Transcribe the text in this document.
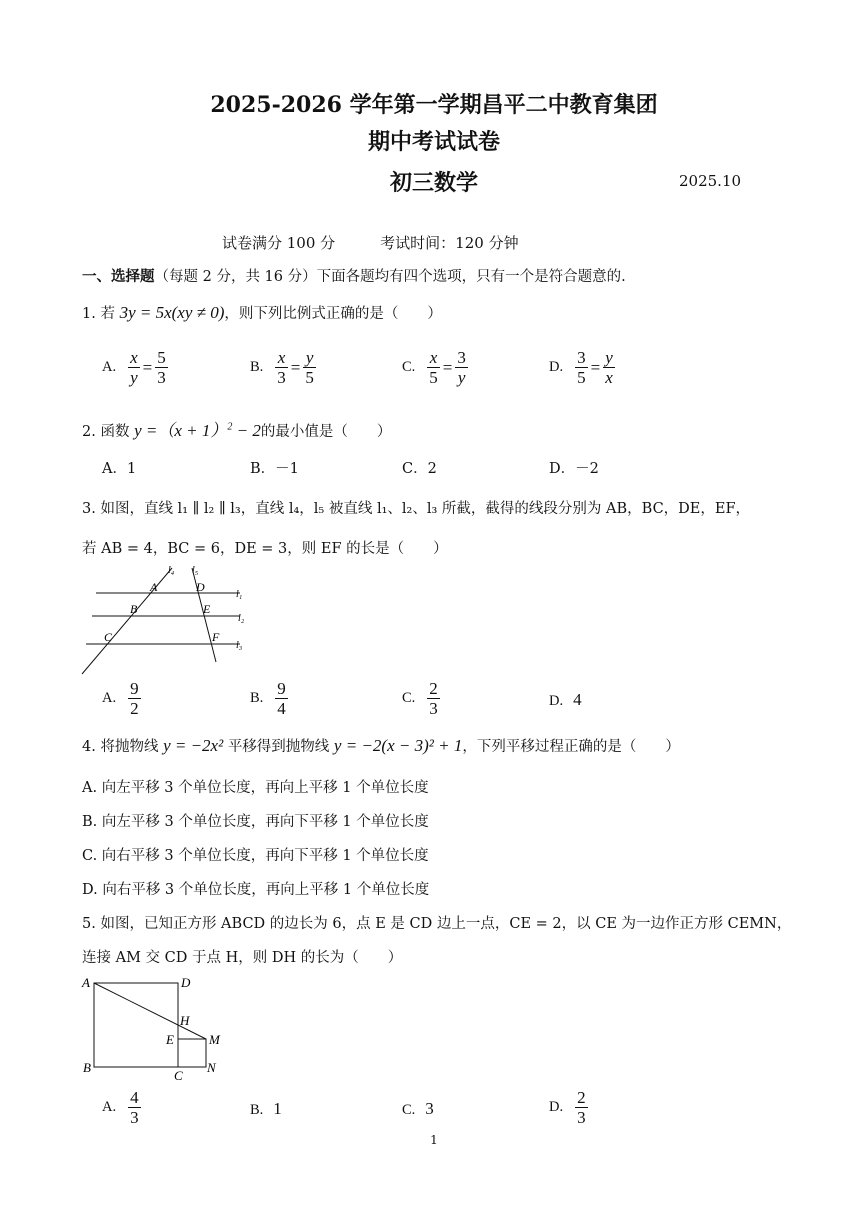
2025-2026 学年第一学期昌平二中教育集团
期中考试试卷
初三数学	2025.10
试卷满分 100 分　　　考试时间：120 分钟
一、选择题（每题 2 分，共 16 分）下面各题均有四个选项，只有一个是符合题意的.
1. 若 3y = 5x(xy ≠ 0)，则下列比例式正确的是（　　）
A. $\frac{x}{y} = \frac{5}{3}$	B. $\frac{x}{3} = \frac{y}{5}$	C. $\frac{x}{5} = \frac{3}{y}$	D. $\frac{3}{5} = \frac{y}{x}$
2. 函数 $y =(x + 1)^2 - 2$的最小值是（　　）
A．1	B．－1	C．2	D．－2
3. 如图，直线 l₁ ∥ l₂ ∥ l₃，直线 l₄，l₅ 被直线 l₁、l₂、l₃ 所截，截得的线段分别为 AB，BC，DE，EF，
若 AB = 4，BC = 6，DE = 3，则 EF 的长是（　　）
l₄ l₅
A	D
B	E
C	F
l₁
l₂
l₃
A. $\frac{9}{2}$	B. $\frac{9}{4}$	C. $\frac{2}{3}$	D. 4
4. 将抛物线 y = −2x² 平移得到抛物线 y = −2(x − 3)² + 1，下列平移过程正确的是（　　）
A. 向左平移 3 个单位长度，再向上平移 1 个单位长度
B. 向左平移 3 个单位长度，再向下平移 1 个单位长度
C. 向右平移 3 个单位长度，再向下平移 1 个单位长度
D. 向右平移 3 个单位长度，再向上平移 1 个单位长度
5. 如图，已知正方形 ABCD 的边长为 6，点 E 是 CD 边上一点，CE = 2，以 CE 为一边作正方形 CEMN，
连接 AM 交 CD 于点 H，则 DH 的长为（　　）
A	D
H
E	M
B
C
N
A. $\frac{4}{3}$	B. 1	C. 3	D. $\frac{2}{3}$
1
